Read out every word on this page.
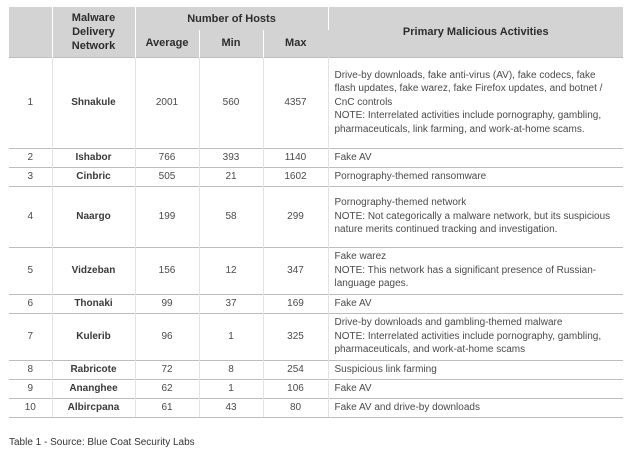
	Malware Delivery Network	Number of Hosts			Primary Malicious Activities
		Average	Min	Max	
1	Shnakule	2001	560	4357	Drive-by downloads, fake anti-virus (AV), fake codecs, fake flash updates, fake warez, fake Firefox updates, and botnet / CnC controls
NOTE: Interrelated activities include pornography, gambling, pharmaceuticals, link farming, and work-at-home scams.
2	Ishabor	766	393	1140	Fake AV
3	Cinbric	505	21	1602	Pornography-themed ransomware
4	Naargo	199	58	299	Pornography-themed network
NOTE: Not categorically a malware network, but its suspicious nature merits continued tracking and investigation.
5	Vidzeban	156	12	347	Fake warez
NOTE: This network has a significant presence of Russian-language pages.
6	Thonaki	99	37	169	Fake AV
7	Kulerib	96	1	325	Drive-by downloads and gambling-themed malware
NOTE: Interrelated activities include pornography, gambling, pharmaceuticals, and work-at-home scams
8	Rabricote	72	8	254	Suspicious link farming
9	Ananghee	62	1	106	Fake AV
10	Albircpana	61	43	80	Fake AV and drive-by downloads
Table 1 - Source: Blue Coat Security Labs
